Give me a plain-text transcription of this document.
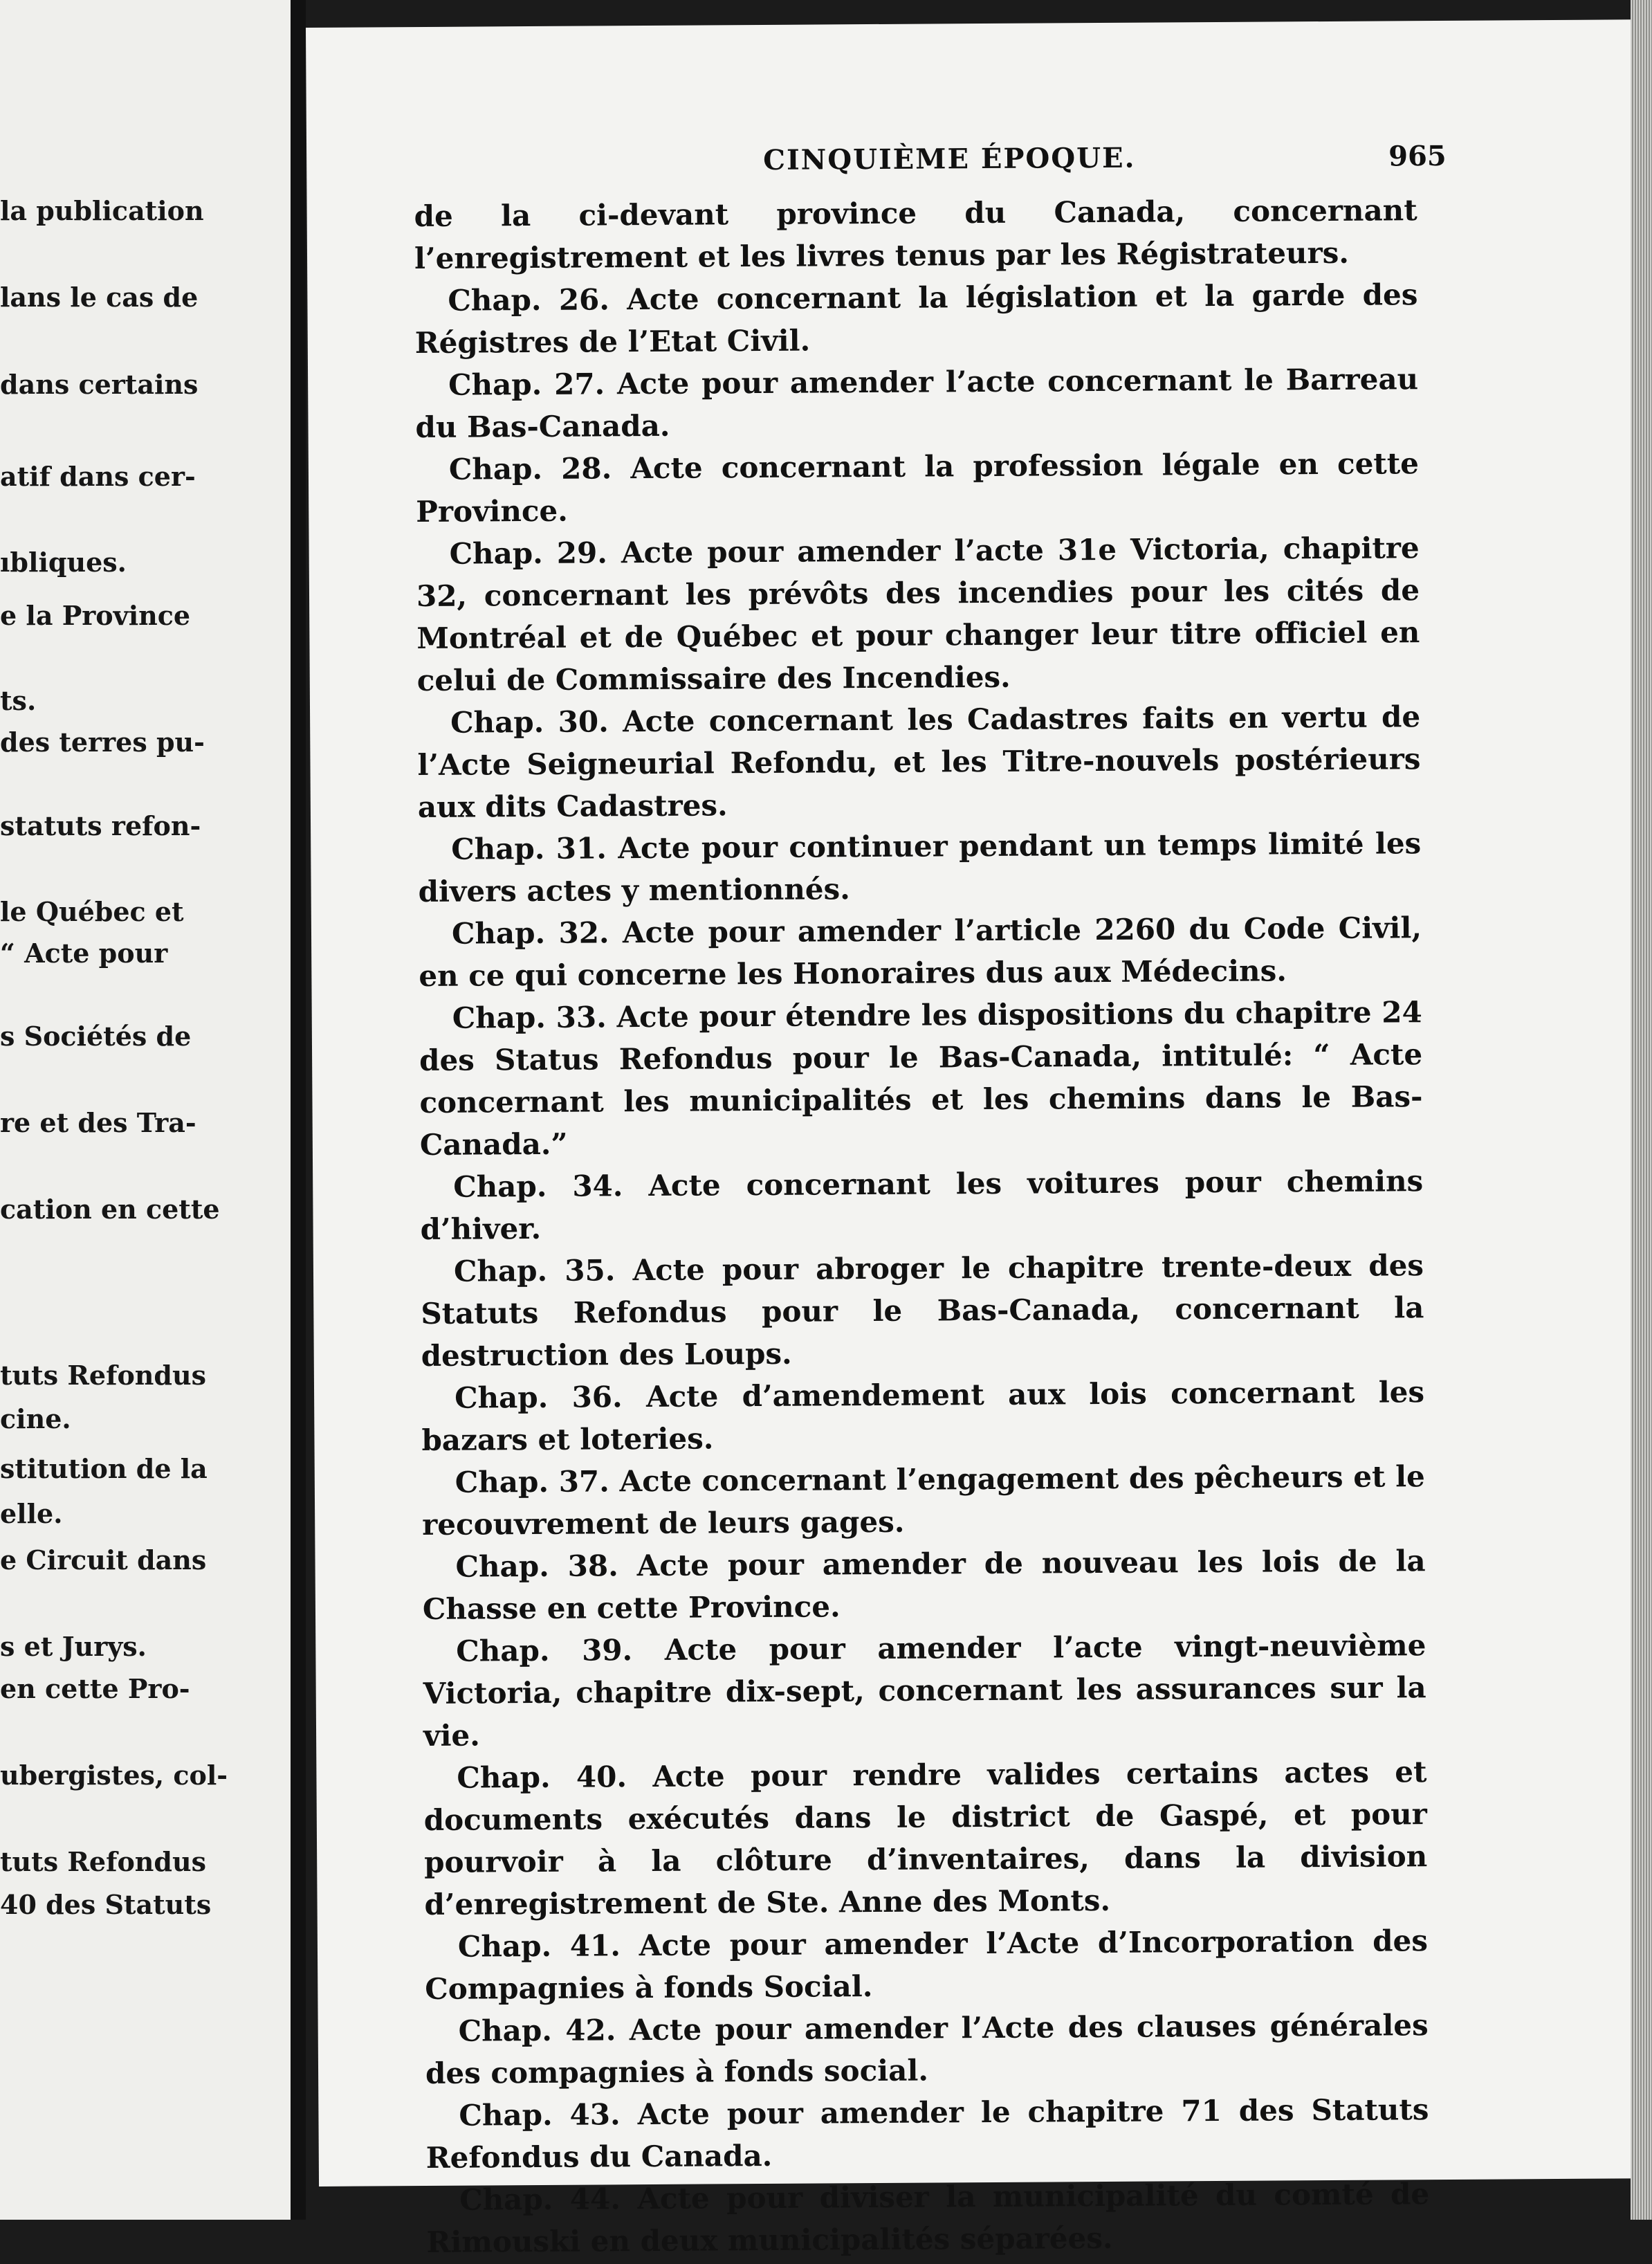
la publication
lans le cas de
dans certains
atif dans cer-
ıbliques.
e la Province
ts.
des terres pu-
statuts refon-
le Québec et
“ Acte pour
s Sociétés de
re et des Tra-
cation en cette
tuts Refondus
cine.
stitution de la
elle.
e Circuit dans
s et Jurys.
en cette Pro-
ubergistes, col-
tuts Refondus
40 des Statuts
CINQUIÈME ÉPOQUE.	965

de la ci-devant province du Canada, concernant l’enregistrement et les livres tenus par les Régistrateurs.

Chap. 26. Acte concernant la législation et la garde des Régistres de l’Etat Civil.

Chap. 27. Acte pour amender l’acte concernant le Barreau du Bas-Canada.

Chap. 28. Acte concernant la profession légale en cette Province.

Chap. 29. Acte pour amender l’acte 31e Victoria, chapitre 32, concernant les prévôts des incendies pour les cités de Montréal et de Québec et pour changer leur titre officiel en celui de Commissaire des Incendies.

Chap. 30. Acte concernant les Cadastres faits en vertu de l’Acte Seigneurial Refondu, et les Titre-nouvels postérieurs aux dits Cadastres.

Chap. 31. Acte pour continuer pendant un temps limité les divers actes y mentionnés.

Chap. 32. Acte pour amender l’article 2260 du Code Civil, en ce qui concerne les Honoraires dus aux Médecins.

Chap. 33. Acte pour étendre les dispositions du chapitre 24 des Status Refondus pour le Bas-Canada, intitulé: “ Acte concernant les municipalités et les chemins dans le Bas-Canada.”

Chap. 34. Acte concernant les voitures pour chemins d’hiver.

Chap. 35. Acte pour abroger le chapitre trente-deux des Statuts Refondus pour le Bas-Canada, concernant la destruction des Loups.

Chap. 36. Acte d’amendement aux lois concernant les bazars et loteries.

Chap. 37. Acte concernant l’engagement des pêcheurs et le recouvrement de leurs gages.

Chap. 38. Acte pour amender de nouveau les lois de la Chasse en cette Province.

Chap. 39. Acte pour amender l’acte vingt-neuvième Victoria, chapitre dix-sept, concernant les assurances sur la vie.

Chap. 40. Acte pour rendre valides certains actes et documents exécutés dans le district de Gaspé, et pour pourvoir à la clôture d’inventaires, dans la division d’enregistrement de Ste. Anne des Monts.

Chap. 41. Acte pour amender l’Acte d’Incorporation des Compagnies à fonds Social.

Chap. 42. Acte pour amender l’Acte des clauses générales des compagnies à fonds social.

Chap. 43. Acte pour amender le chapitre 71 des Statuts Refondus du Canada.

Chap. 44. Acte pour diviser la municipalité du comté de Rimouski en deux municipalités séparées.
